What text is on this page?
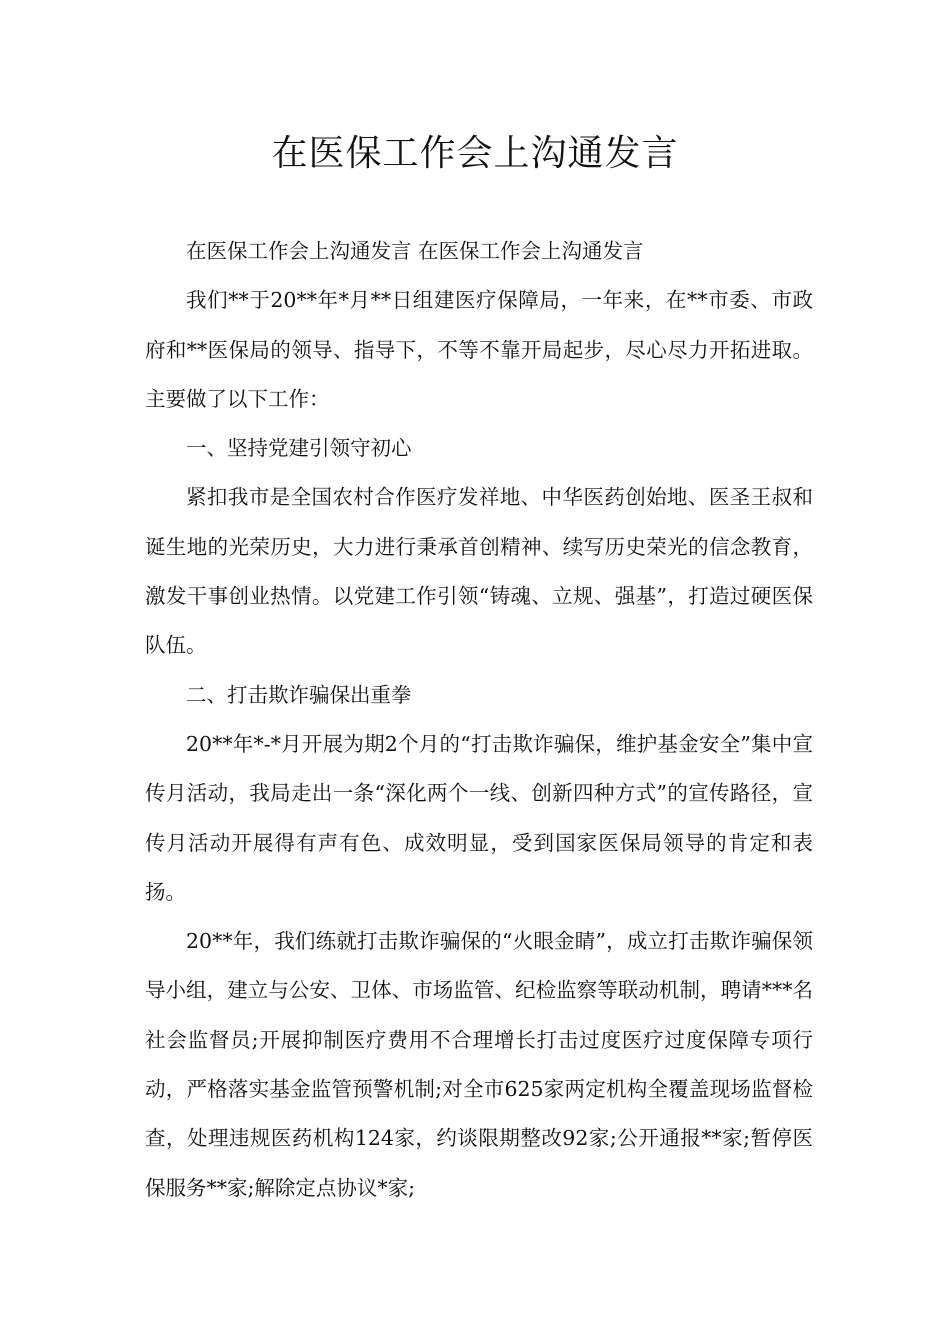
在医保工作会上沟通发言

在医保工作会上沟通发言 在医保工作会上沟通发言

我们**于20**年*月**日组建医疗保障局，一年来，在**市委、市政府和**医保局的领导、指导下，不等不靠开局起步，尽心尽力开拓进取。主要做了以下工作：

一、坚持党建引领守初心

紧扣我市是全国农村合作医疗发祥地、中华医药创始地、医圣王叔和诞生地的光荣历史，大力进行秉承首创精神、续写历史荣光的信念教育，激发干事创业热情。以党建工作引领“铸魂、立规、强基”，打造过硬医保队伍。

二、打击欺诈骗保出重拳

20**年*-*月开展为期2个月的“打击欺诈骗保，维护基金安全”集中宣传月活动，我局走出一条“深化两个一线、创新四种方式”的宣传路径，宣传月活动开展得有声有色、成效明显，受到国家医保局领导的肯定和表扬。

20**年，我们练就打击欺诈骗保的“火眼金睛”，成立打击欺诈骗保领导小组，建立与公安、卫体、市场监管、纪检监察等联动机制，聘请***名社会监督员;开展抑制医疗费用不合理增长打击过度医疗过度保障专项行动，严格落实基金监管预警机制;对全市625家两定机构全覆盖现场监督检查，处理违规医药机构124家，约谈限期整改92家;公开通报**家;暂停医保服务**家;解除定点协议*家;
